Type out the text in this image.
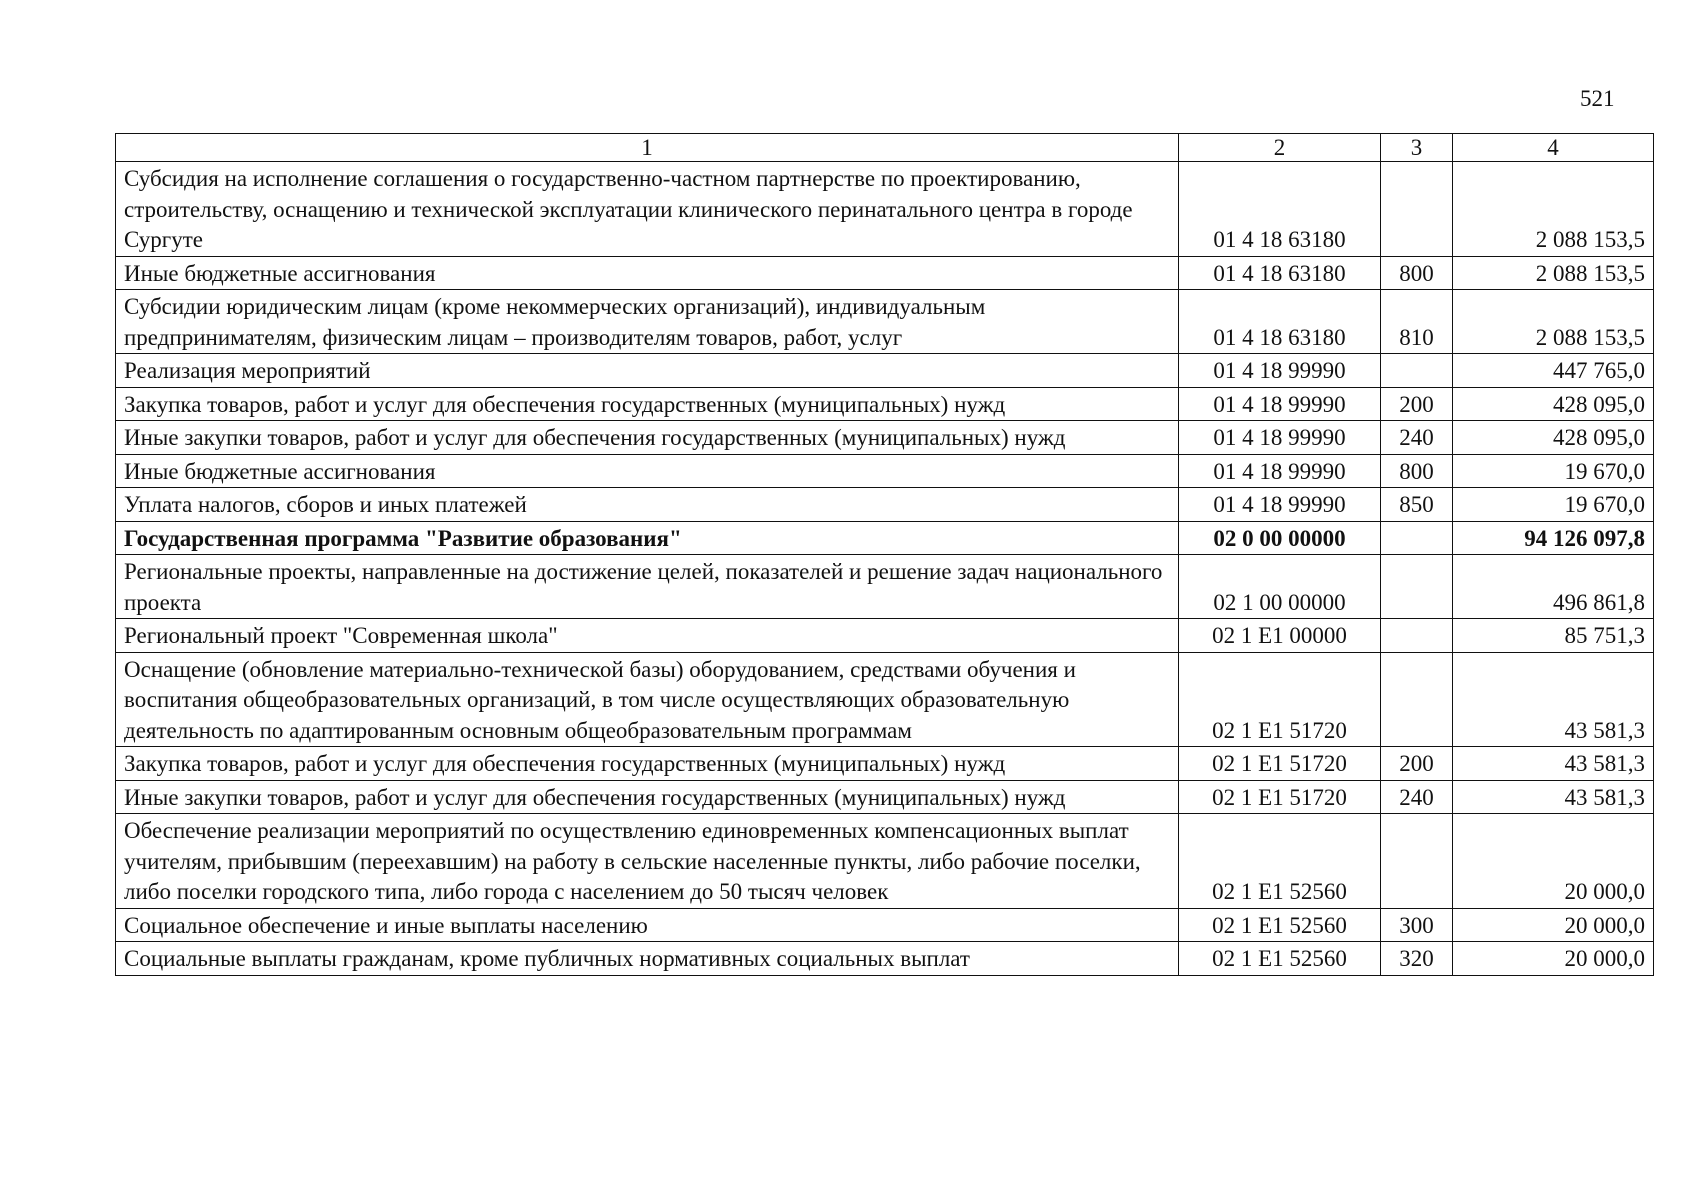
521
1	2	3	4
Субсидия на исполнение соглашения о государственно-частном партнерстве по проектированию, строительству, оснащению и технической эксплуатации клинического перинатального центра в городе Сургуте	01 4 18 63180		2 088 153,5
Иные бюджетные ассигнования	01 4 18 63180	800	2 088 153,5
Субсидии юридическим лицам (кроме некоммерческих организаций), индивидуальным предпринимателям, физическим лицам – производителям товаров, работ, услуг	01 4 18 63180	810	2 088 153,5
Реализация мероприятий	01 4 18 99990		447 765,0
Закупка товаров, работ и услуг для обеспечения государственных (муниципальных) нужд	01 4 18 99990	200	428 095,0
Иные закупки товаров, работ и услуг для обеспечения государственных (муниципальных) нужд	01 4 18 99990	240	428 095,0
Иные бюджетные ассигнования	01 4 18 99990	800	19 670,0
Уплата налогов, сборов и иных платежей	01 4 18 99990	850	19 670,0
Государственная программа "Развитие образования"	02 0 00 00000		94 126 097,8
Региональные проекты, направленные на достижение целей, показателей и решение задач национального проекта	02 1 00 00000		496 861,8
Региональный проект "Современная школа"	02 1 E1 00000		85 751,3
Оснащение (обновление материально-технической базы) оборудованием, средствами обучения и воспитания общеобразовательных организаций, в том числе осуществляющих образовательную деятельность по адаптированным основным общеобразовательным программам	02 1 E1 51720		43 581,3
Закупка товаров, работ и услуг для обеспечения государственных (муниципальных) нужд	02 1 E1 51720	200	43 581,3
Иные закупки товаров, работ и услуг для обеспечения государственных (муниципальных) нужд	02 1 E1 51720	240	43 581,3
Обеспечение реализации мероприятий по осуществлению единовременных компенсационных выплат учителям, прибывшим (переехавшим) на работу в сельские населенные пункты, либо рабочие поселки, либо поселки городского типа, либо города с населением до 50 тысяч человек	02 1 E1 52560		20 000,0
Социальное обеспечение и иные выплаты населению	02 1 E1 52560	300	20 000,0
Социальные выплаты гражданам, кроме публичных нормативных социальных выплат	02 1 E1 52560	320	20 000,0
